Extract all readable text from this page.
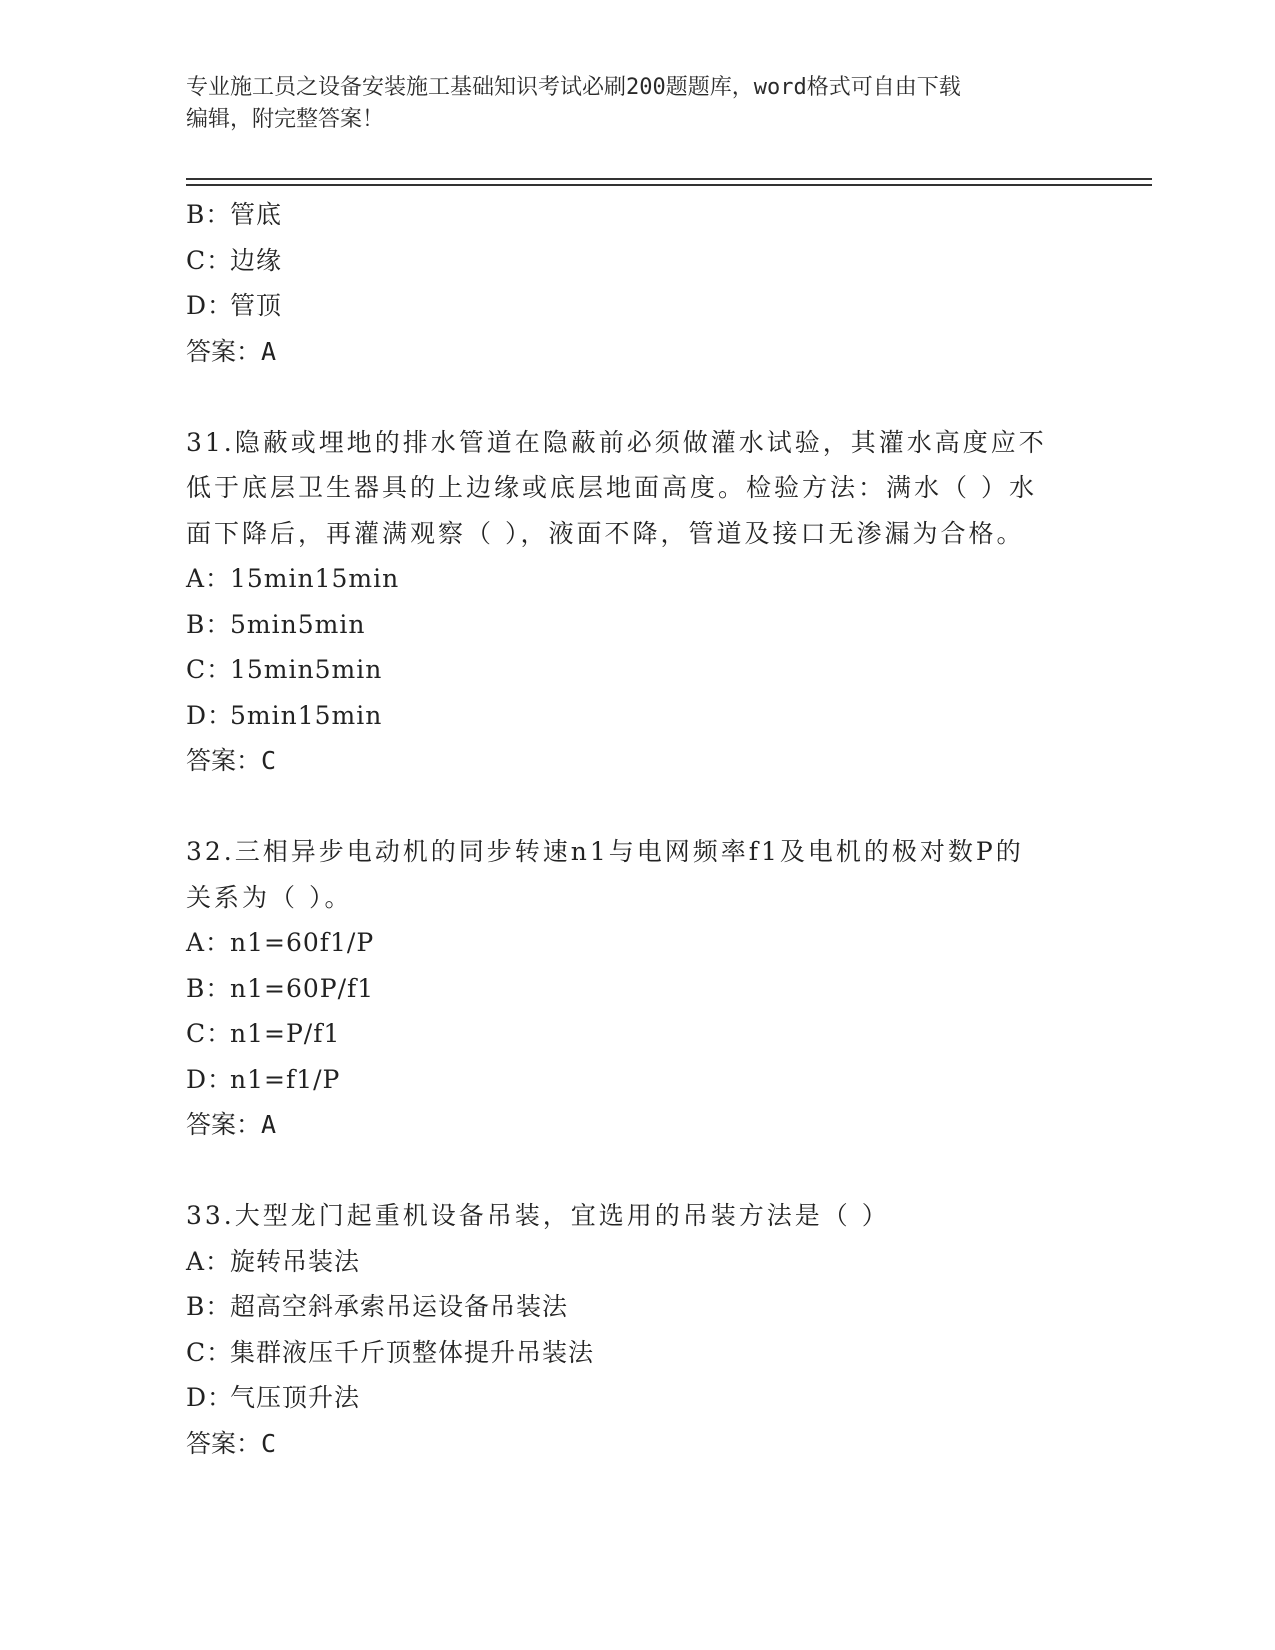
专业施工员之设备安装施工基础知识考试必刷200题题库，word格式可自由下载
编辑，附完整答案！
B：管底
C：边缘
D：管顶
答案：A
31.隐蔽或埋地的排水管道在隐蔽前必须做灌水试验，其灌水高度应不
低于底层卫生器具的上边缘或底层地面高度。检验方法：满水（ ）水
面下降后，再灌满观察（ ），液面不降，管道及接口无渗漏为合格。
A：15min15min
B：5min5min
C：15min5min
D：5min15min
答案：C
32.三相异步电动机的同步转速n1与电网频率f1及电机的极对数P的
关系为（ ）。
A：n1=60f1/P
B：n1=60P/f1
C：n1=P/f1
D：n1=f1/P
答案：A
33.大型龙门起重机设备吊装，宜选用的吊装方法是（ ）
A：旋转吊装法
B：超高空斜承索吊运设备吊装法
C：集群液压千斤顶整体提升吊装法
D：气压顶升法
答案：C
